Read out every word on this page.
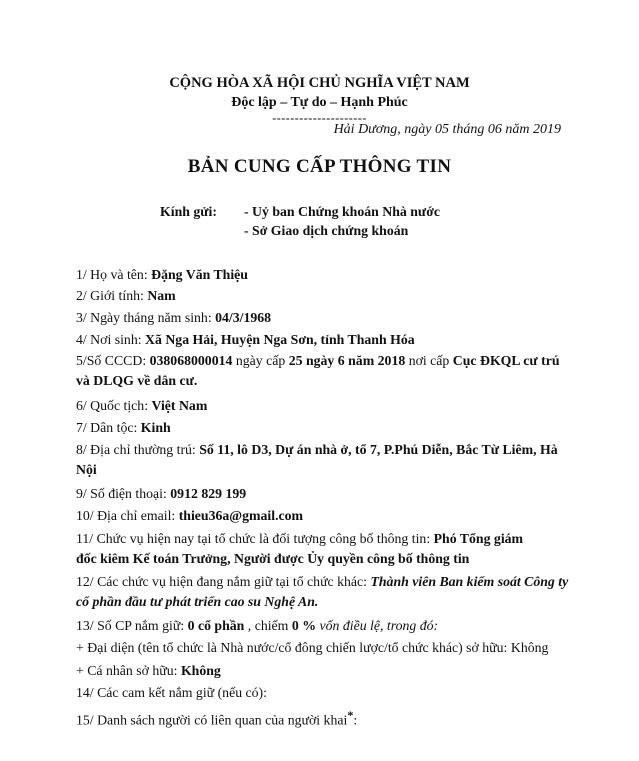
CỘNG HÒA XÃ HỘI CHỦ NGHĨA VIỆT NAM
Độc lập – Tự do – Hạnh Phúc
---------------------
Hải Dương, ngày 05 tháng 06 năm 2019
BẢN CUNG CẤP THÔNG TIN
Kính gửi: - Uỷ ban Chứng khoán Nhà nước
- Sở Giao dịch chứng khoán
1/ Họ và tên: Đặng Văn Thiệu
2/ Giới tính: Nam
3/ Ngày tháng năm sinh: 04/3/1968
4/ Nơi sinh: Xã Nga Hải, Huyện Nga Sơn, tỉnh Thanh Hóa
5/Số CCCD: 038068000014 ngày cấp 25 ngày 6 năm 2018 nơi cấp Cục ĐKQL cư trú
và DLQG về dân cư.
6/ Quốc tịch: Việt Nam
7/ Dân tộc: Kinh
8/ Địa chỉ thường trú: Số 11, lô D3, Dự án nhà ở, tổ 7, P.Phú Diễn, Bắc Từ Liêm, Hà
Nội
9/ Số điện thoại: 0912 829 199
10/ Địa chỉ email: thieu36a@gmail.com
11/ Chức vụ hiện nay tại tổ chức là đối tượng công bố thông tin: Phó Tổng giám
đốc kiêm Kế toán Trưởng, Người được Ủy quyền công bố thông tin
12/ Các chức vụ hiện đang nắm giữ tại tổ chức khác: Thành viên Ban kiểm soát Công ty
cổ phần đầu tư phát triển cao su Nghệ An.
13/ Số CP nắm giữ: 0 cổ phần , chiếm 0 % vốn điều lệ, trong đó:
+ Đại diện (tên tổ chức là Nhà nước/cổ đông chiến lược/tổ chức khác) sở hữu: Không
+ Cá nhân sở hữu: Không
14/ Các cam kết nắm giữ (nếu có):
15/ Danh sách người có liên quan của người khai*:
